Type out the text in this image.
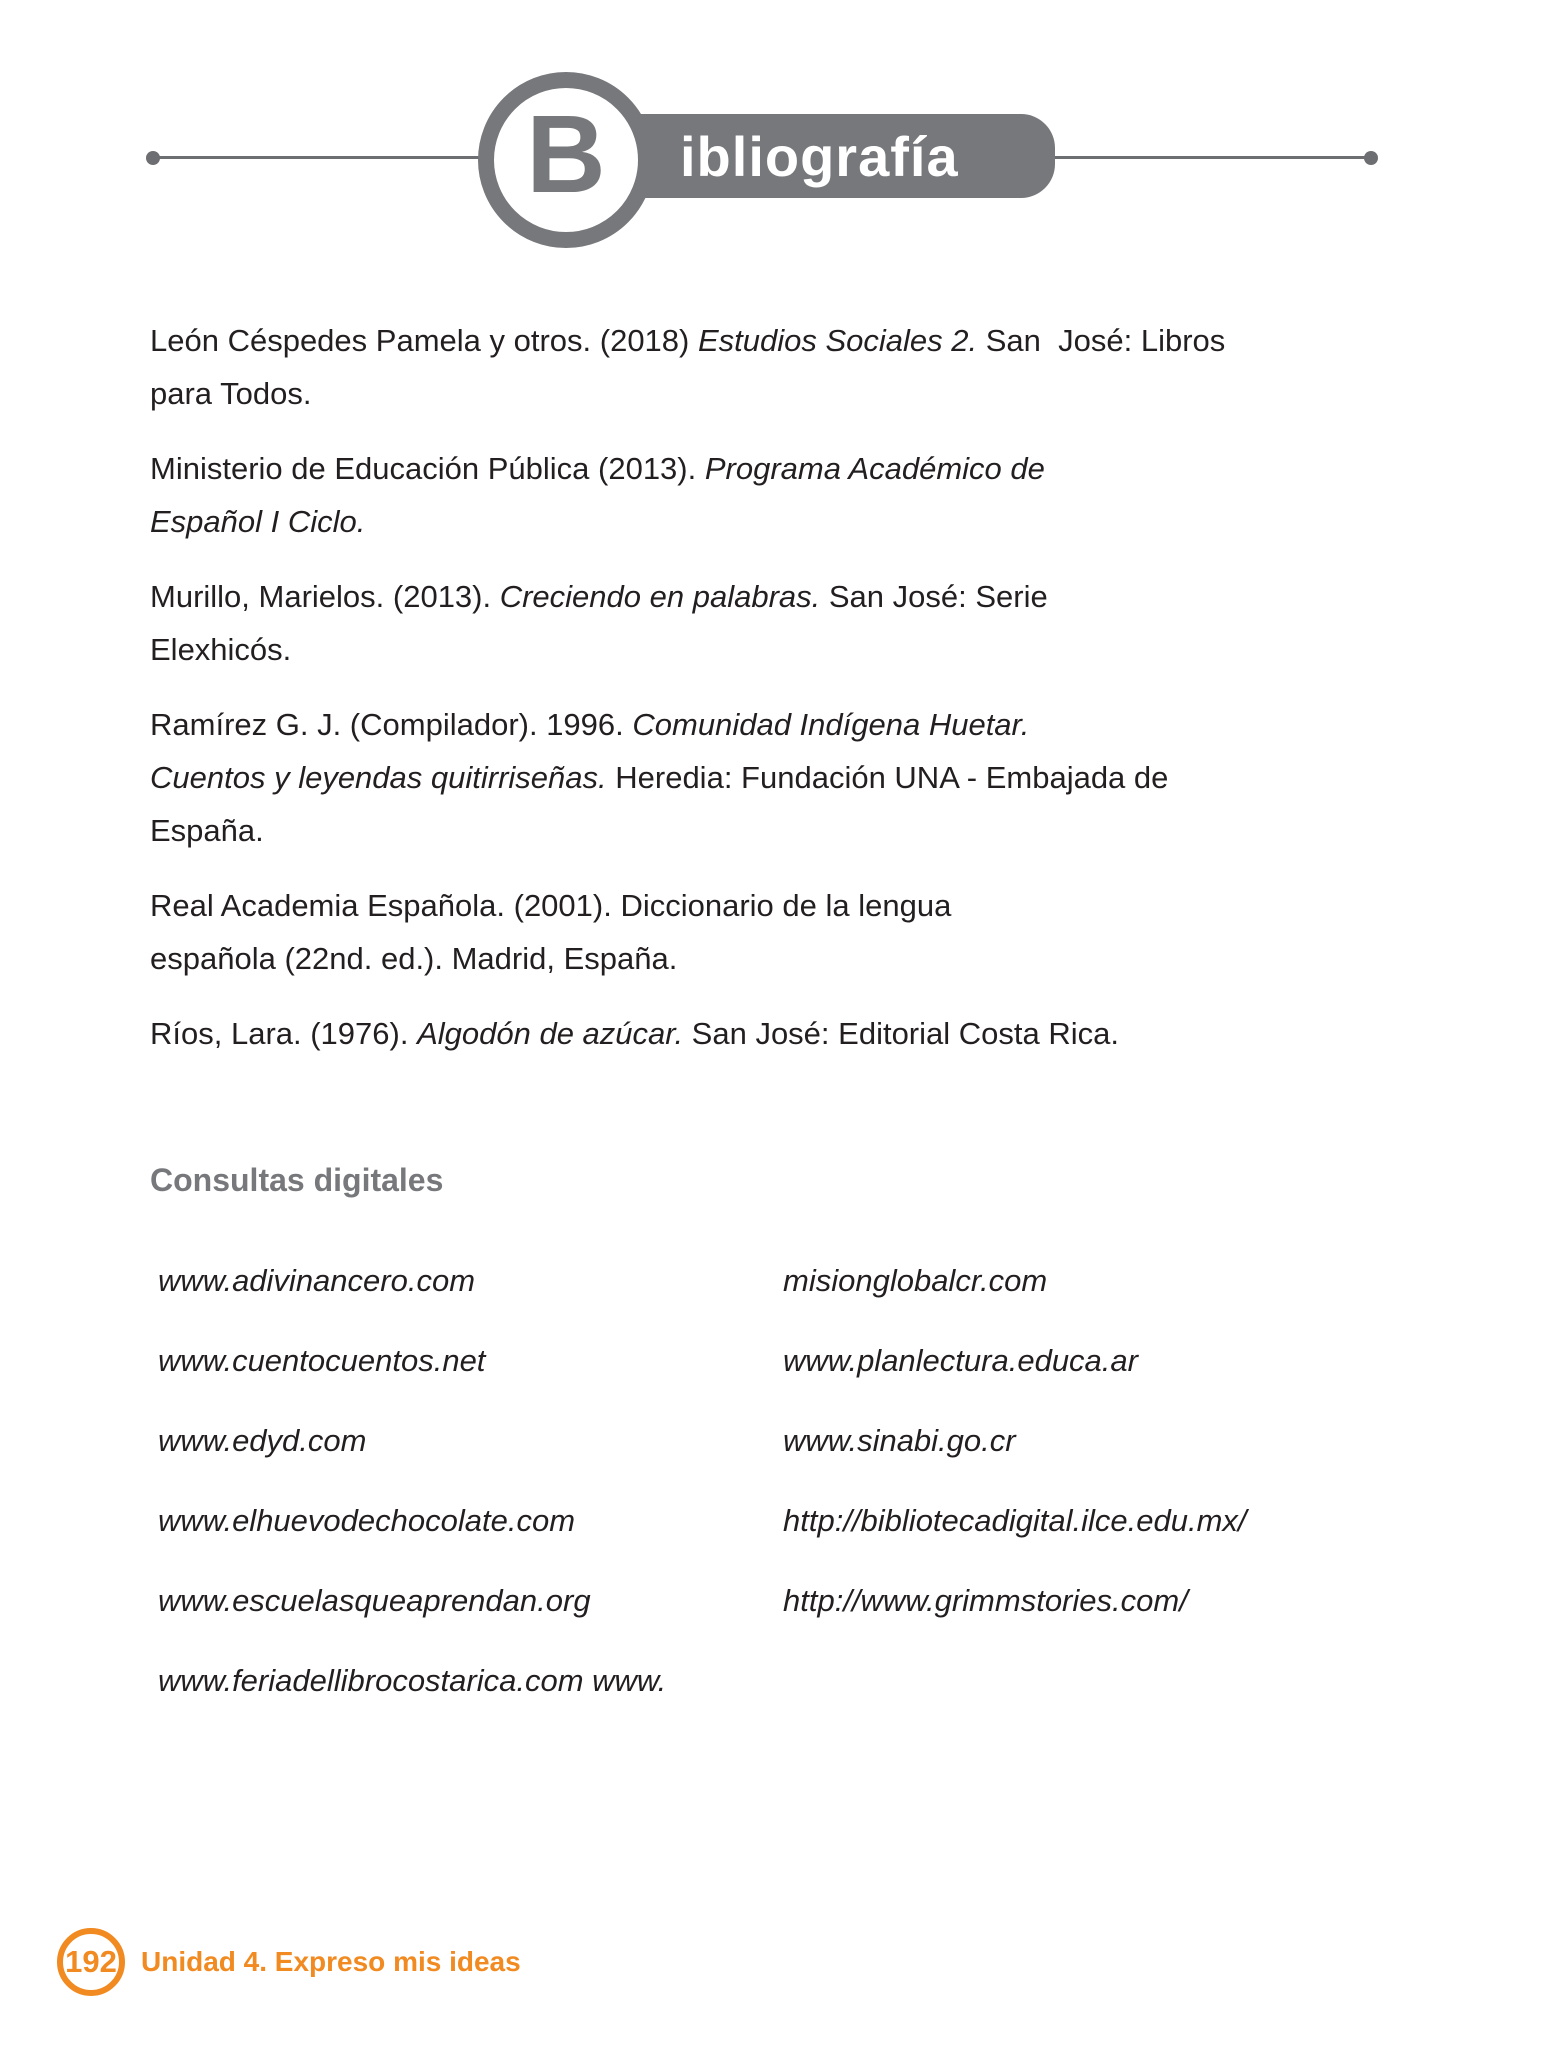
ibliografía
B
León Céspedes Pamela y otros. (2018) Estudios Sociales 2. San  José: Libros
para Todos.
Ministerio de Educación Pública (2013). Programa Académico de
Español I Ciclo.
Murillo, Marielos. (2013). Creciendo en palabras. San José: Serie
Elexhicós.
Ramírez G. J. (Compilador). 1996. Comunidad Indígena Huetar.
Cuentos y leyendas quitirriseñas. Heredia: Fundación UNA - Embajada de
España.
Real Academia Española. (2001). Diccionario de la lengua
española (22nd. ed.). Madrid, España.
Ríos, Lara. (1976). Algodón de azúcar. San José: Editorial Costa Rica.
Consultas digitales
www.adivinancero.com	misionglobalcr.com
www.cuentocuentos.net	www.planlectura.educa.ar
www.edyd.com	www.sinabi.go.cr
www.elhuevodechocolate.com	http://bibliotecadigital.ilce.edu.mx/
www.escuelasqueaprendan.org	http://www.grimmstories.com/
www.feriadellibrocostarica.com www.
192 Unidad 4. Expreso mis ideas
